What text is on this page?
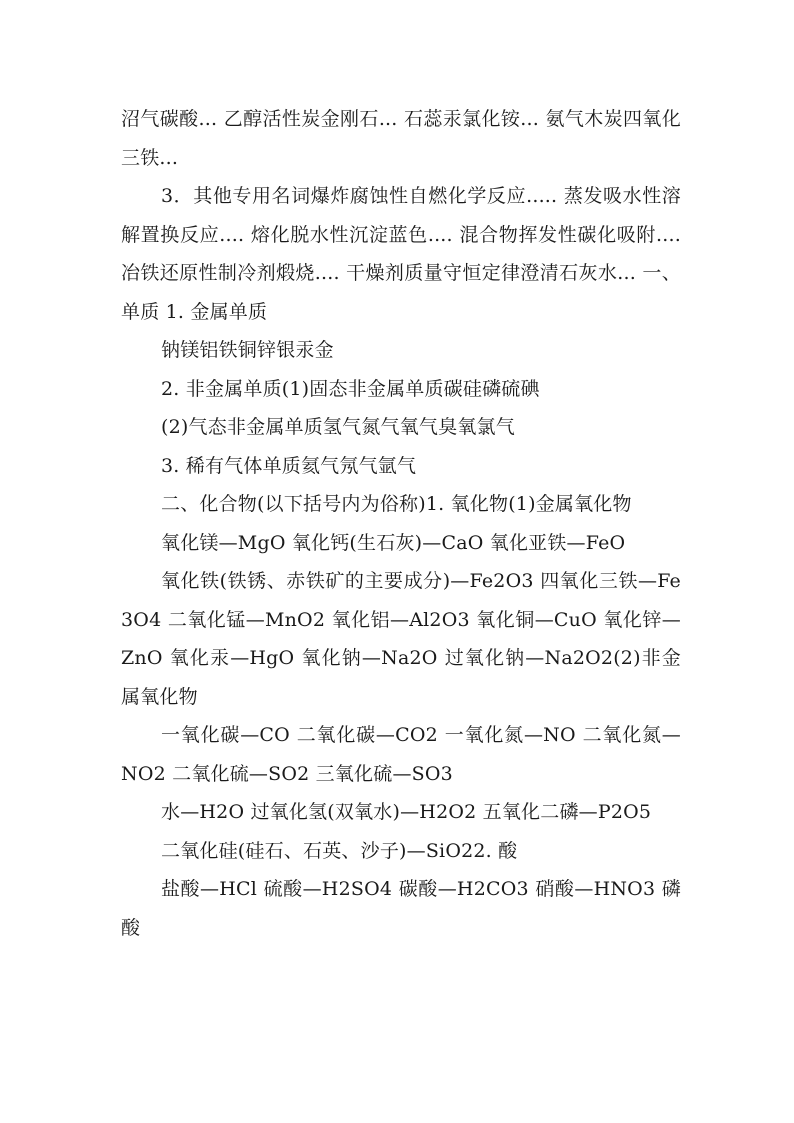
沼气碳酸... 乙醇活性炭金刚石... 石蕊汞氯化铵... 氨气木炭四氧化三铁...

3．其他专用名词爆炸腐蚀性自燃化学反应..... 蒸发吸水性溶解置换反应.... 熔化脱水性沉淀蓝色.... 混合物挥发性碳化吸附.... 冶铁还原性制冷剂煅烧.... 干燥剂质量守恒定律澄清石灰水... 一、单质 1. 金属单质

钠镁铝铁铜锌银汞金

2. 非金属单质(1)固态非金属单质碳硅磷硫碘

(2)气态非金属单质氢气氮气氧气臭氧氯气

3. 稀有气体单质氦气氖气氩气

二、化合物(以下括号内为俗称)1. 氧化物(1)金属氧化物

氧化镁—MgO 氧化钙(生石灰)—CaO 氧化亚铁—FeO

氧化铁(铁锈、赤铁矿的主要成分)—Fe2O3 四氧化三铁—Fe3O4 二氧化锰—MnO2 氧化铝—Al2O3 氧化铜—CuO 氧化锌—ZnO 氧化汞—HgO 氧化钠—Na2O 过氧化钠—Na2O2(2)非金属氧化物

一氧化碳—CO 二氧化碳—CO2 一氧化氮—NO 二氧化氮—NO2 二氧化硫—SO2 三氧化硫—SO3

水—H2O 过氧化氢(双氧水)—H2O2 五氧化二磷—P2O5

二氧化硅(硅石、石英、沙子)—SiO22. 酸

盐酸—HCl 硫酸—H2SO4 碳酸—H2CO3 硝酸—HNO3 磷酸
